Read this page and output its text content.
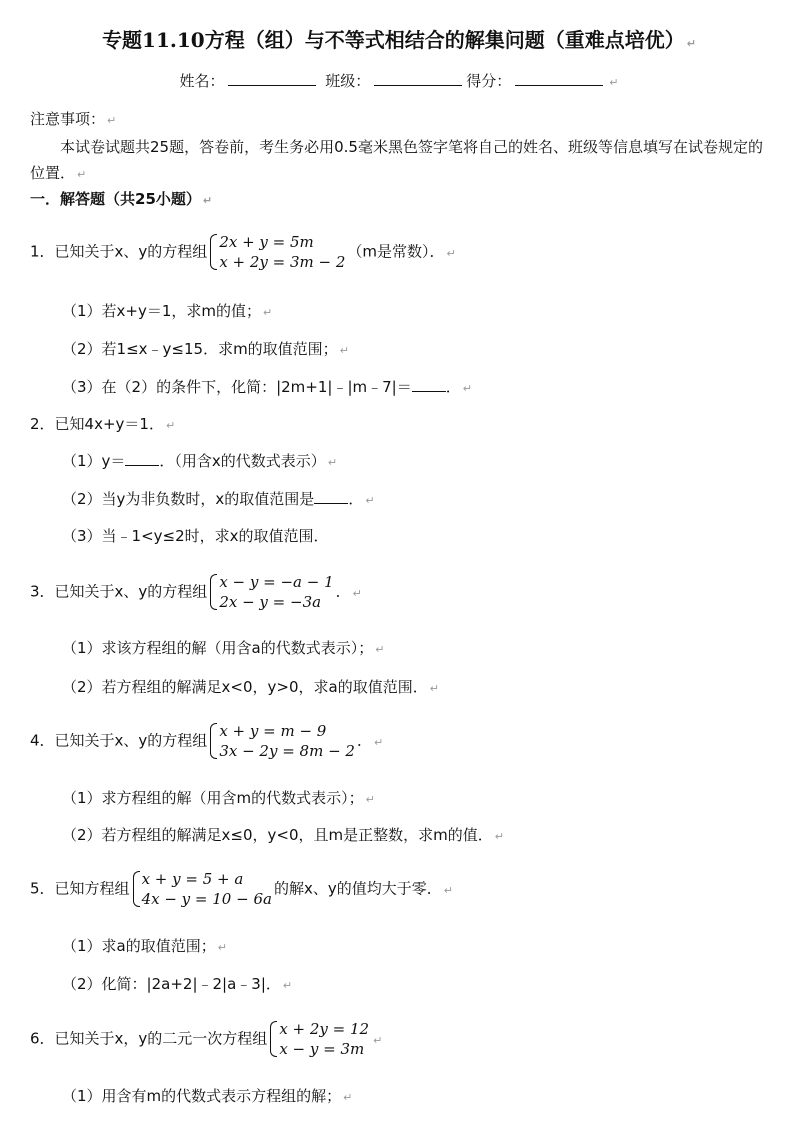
专题11.10方程（组）与不等式相结合的解集问题（重难点培优） ↵
姓名：	班级：	得分：	↵
注意事项： ↵
本试卷试题共25题，答卷前，考生务必用0.5毫米黑色签字笔将自己的姓名、班级等信息填写在试卷规定的位置． ↵
一．解答题（共25小题） ↵
1．已知关于x、y的方程组
2x + y = 5m
x + 2y = 3m − 2
（m是常数）． ↵
（1）若x+y＝1，求m的值； ↵
（2）若1≤x﹣y≤15．求m的取值范围； ↵
（3）在（2）的条件下，化简：|2m+1|﹣|m﹣7|＝ ． ↵
2．已知4x+y＝1． ↵
（1）y＝ ．（用含x的代数式表示） ↵
（2）当y为非负数时，x的取值范围是 ． ↵
（3）当﹣1<y≤2时，求x的取值范围．
3．已知关于x、y的方程组
x − y = −a − 1
2x − y = −3a
． ↵
（1）求该方程组的解（用含a的代数式表示）； ↵
（2）若方程组的解满足x<0，y>0，求a的取值范围． ↵
4．已知关于x、y的方程组
x + y = m − 9
3x − 2y = 8m − 2
． ↵
（1）求方程组的解（用含m的代数式表示）； ↵
（2）若方程组的解满足x≤0，y<0，且m是正整数，求m的值． ↵
5．已知方程组
x + y = 5 + a
4x − y = 10 − 6a
的解x、y的值均大于零． ↵
（1）求a的取值范围； ↵
（2）化简：|2a+2|﹣2|a﹣3|． ↵
6．已知关于x，y的二元一次方程组
x + 2y = 12
x − y = 3m ↵
（1）用含有m的代数式表示方程组的解； ↵
